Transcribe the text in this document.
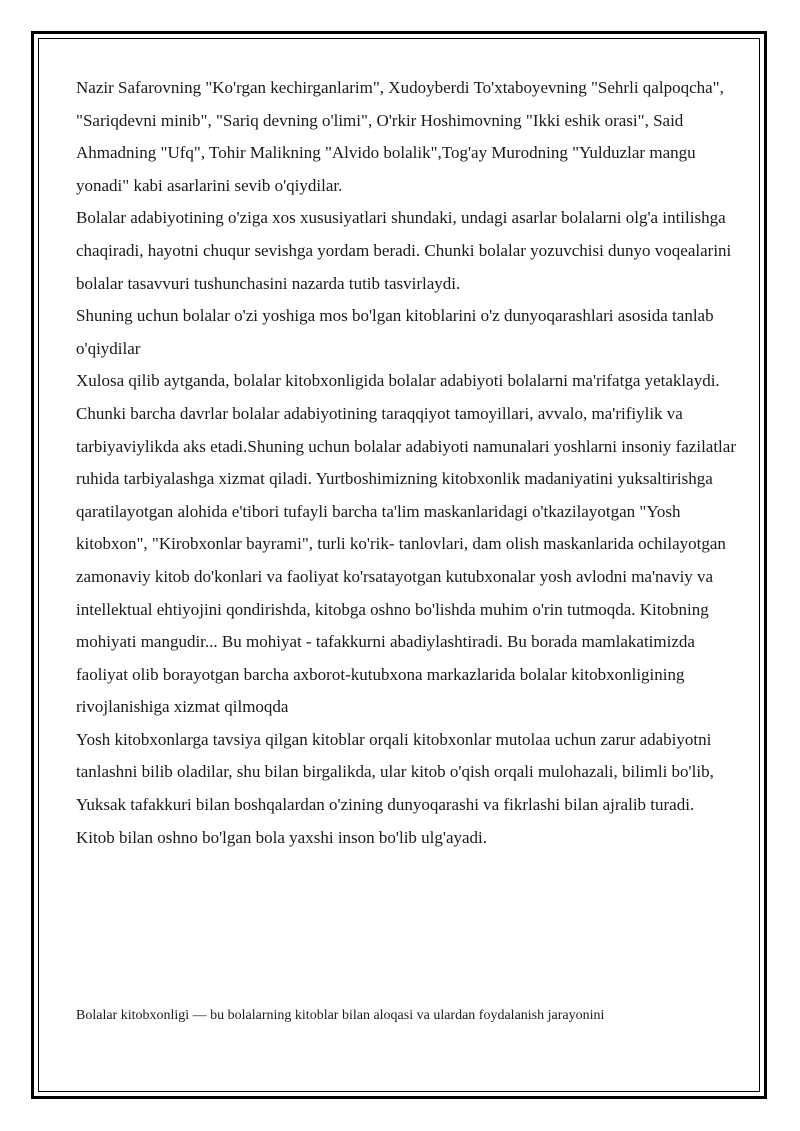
Nazir Safarovning "Ko'rgan kechirganlarim", Xudoyberdi To'xtaboyevning "Sehrli qalpoqcha", "Sariqdevni minib", "Sariq devning o'limi", O'rkir Hoshimovning "Ikki eshik orasi", Said Ahmadning "Ufq", Tohir Malikning "Alvido bolalik",Tog'ay Murodning "Yulduzlar mangu yonadi" kabi asarlarini sevib o'qiydilar.

Bolalar adabiyotining o'ziga xos xususiyatlari shundaki, undagi asarlar bolalarni olg'a intilishga chaqiradi, hayotni chuqur sevishga yordam beradi. Chunki bolalar yozuvchisi dunyo voqealarini bolalar tasavvuri tushunchasini nazarda tutib tasvirlaydi.

Shuning uchun bolalar o'zi yoshiga mos bo'lgan kitoblarini o'z dunyoqarashlari asosida tanlab o'qiydilar

Xulosa qilib aytganda, bolalar kitobxonligida bolalar adabiyoti bolalarni ma'rifatga yetaklaydi. Chunki barcha davrlar bolalar adabiyotining taraqqiyot tamoyillari, avvalo, ma'rifiylik va tarbiyaviylikda aks etadi.Shuning uchun bolalar adabiyoti namunalari yoshlarni insoniy fazilatlar ruhida tarbiyalashga xizmat qiladi. Yurtboshimizning kitobxonlik madaniyatini yuksaltirishga qaratilayotgan alohida e'tibori tufayli barcha ta'lim maskanlaridagi o'tkazilayotgan "Yosh kitobxon", "Kirobxonlar bayrami", turli ko'rik- tanlovlari, dam olish maskanlarida ochilayotgan zamonaviy kitob do'konlari va faoliyat ko'rsatayotgan kutubxonalar yosh avlodni ma'naviy va intellektual ehtiyojini qondirishda, kitobga oshno bo'lishda muhim o'rin tutmoqda. Kitobning mohiyati mangudir... Bu mohiyat - tafakkurni abadiylashtiradi. Bu borada mamlakatimizda faoliyat olib borayotgan barcha axborot-kutubxona markazlarida bolalar kitobxonligining rivojlanishiga xizmat qilmoqda

Yosh kitobxonlarga tavsiya qilgan kitoblar orqali kitobxonlar mutolaa uchun zarur adabiyotni tanlashni bilib oladilar, shu bilan birgalikda, ular kitob o'qish orqali mulohazali, bilimli bo'lib, Yuksak tafakkuri bilan boshqalardan o'zining dunyoqarashi va fikrlashi bilan ajralib turadi. Kitob bilan oshno bo'lgan bola yaxshi inson bo'lib ulg'ayadi.

Bolalar kitobxonligi — bu bolalarning kitoblar bilan aloqasi va ulardan foydalanish jarayonini
